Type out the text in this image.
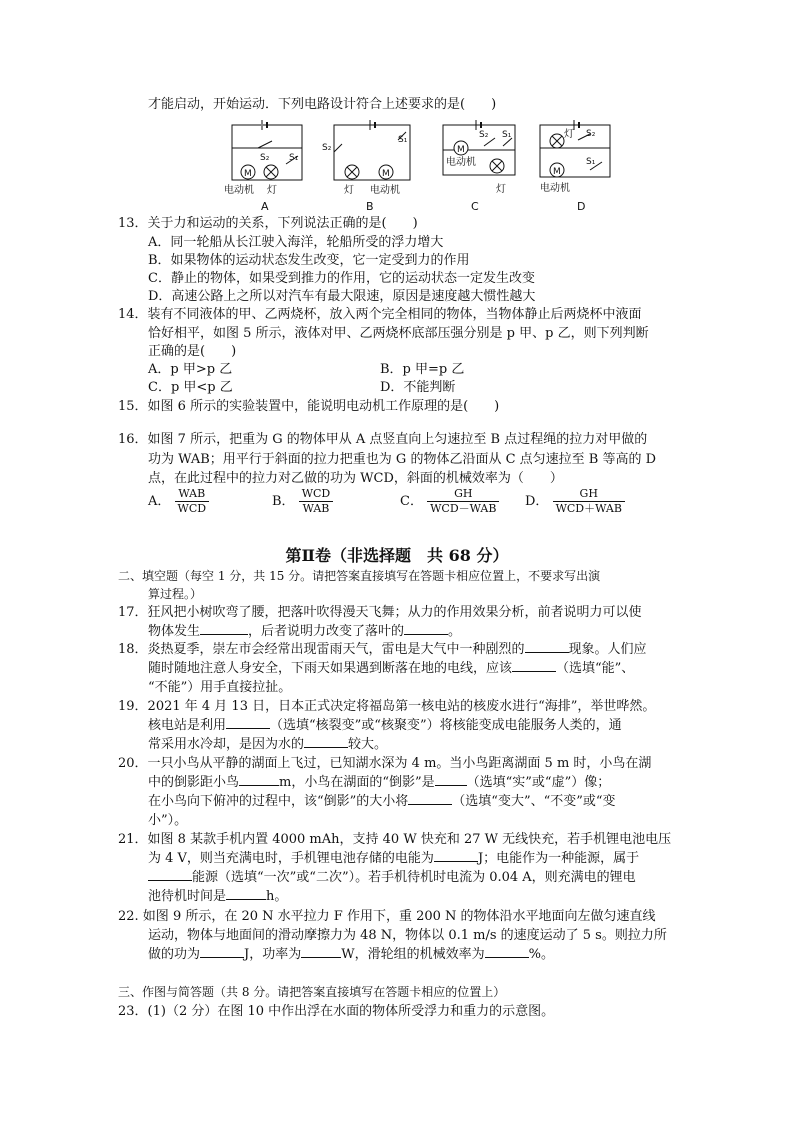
才能启动，开始运动．下列电路设计符合上述要求的是(　　)
M
S₂ S₁
电动机 灯
A
M
S₂
S₁
灯 电动机
B
M
S₂ S₁
电动机
灯
C
灯 S₂
S₁
M
电动机
D
13．关于力和运动的关系，下列说法正确的是(　　)
A．同一轮船从长江驶入海洋，轮船所受的浮力增大
B．如果物体的运动状态发生改变，它一定受到力的作用
C．静止的物体，如果受到推力的作用，它的运动状态一定发生改变
D．高速公路上之所以对汽车有最大限速，原因是速度越大惯性越大
14．装有不同液体的甲、乙两烧杯，放入两个完全相同的物体，当物体静止后两烧杯中液面
恰好相平，如图 5 所示，液体对甲、乙两烧杯底部压强分别是 p 甲、p 乙，则下列判断
正确的是(　　)
A．p 甲>p 乙	B．p 甲=p 乙
C．p 甲<p 乙	D．不能判断
15．如图 6 所示的实验装置中，能说明电动机工作原理的是(　　)
16．如图 7 所示，把重为 G 的物体甲从 A 点竖直向上匀速拉至 B 点过程绳的拉力对甲做的
功为 WAB；用平行于斜面的拉力把重也为 G 的物体乙沿面从 C 点匀速拉至 B 等高的 D
点，在此过程中的拉力对乙做的功为 WCD，斜面的机械效率为（　　）
A． $\frac{\text{WAB}}{\text{WCD}}$	B． $\frac{\text{WCD}}{\text{WAB}}$	C． $\frac{GH}{\text{WCD－WAB}}$ D． $\frac{GH}{\text{WCD＋WAB}}$
第Ⅱ卷（非选择题　共 68 分）
二、填空题（每空 1 分，共 15 分。请把答案直接填写在答题卡相应位置上，不要求写出演
算过程。）
17．狂风把小树吹弯了腰，把落叶吹得漫天飞舞；从力的作用效果分析，前者说明力可以使
物体发生	，后者说明力改变了落叶的	。
18．炎热夏季，崇左市会经常出现雷雨天气，雷电是大气中一种剧烈的	现象。人们应
随时随地注意人身安全，下雨天如果遇到断落在地的电线，应该	（选填“能”、
“不能”）用手直接拉扯。
19．2021 年 4 月 13 日，日本正式决定将福岛第一核电站的核废水进行“海排”，举世哗然。
核电站是利用	（选填“核裂变”或“核聚变”）将核能变成电能服务人类的，通
常采用水冷却，是因为水的	较大。
20．一只小鸟从平静的湖面上飞过，已知湖水深为 4 m。当小鸟距离湖面 5 m 时，小鸟在湖
中的倒影距小鸟	m，小鸟在湖面的“倒影”是 （选填“实”或“虚”）像；
在小鸟向下俯冲的过程中，该“倒影”的大小将	（选填“变大”、“不变”或“变
小”）。
21．如图 8 某款手机内置 4000 mAh，支持 40 W 快充和 27 W 无线快充，若手机锂电池电压
为 4 V，则当充满电时，手机锂电池存储的电能为	J；电能作为一种能源，属于
能源（选填“一次”或“二次”）。若手机待机时电流为 0.04 A，则充满电的锂电
池待机时间是	h。
22. 如图 9 所示，在 20 N 水平拉力 F 作用下，重 200 N 的物体沿水平地面向左做匀速直线
运动，物体与地面间的滑动摩擦力为 48 N，物体以 0.1 m/s 的速度运动了 5 s。则拉力所
做的功为	J，功率为	W，滑轮组的机械效率为	%。
三、作图与简答题（共 8 分。请把答案直接填写在答题卡相应的位置上）
23．(1)（2 分）在图 10 中作出浮在水面的物体所受浮力和重力的示意图。
